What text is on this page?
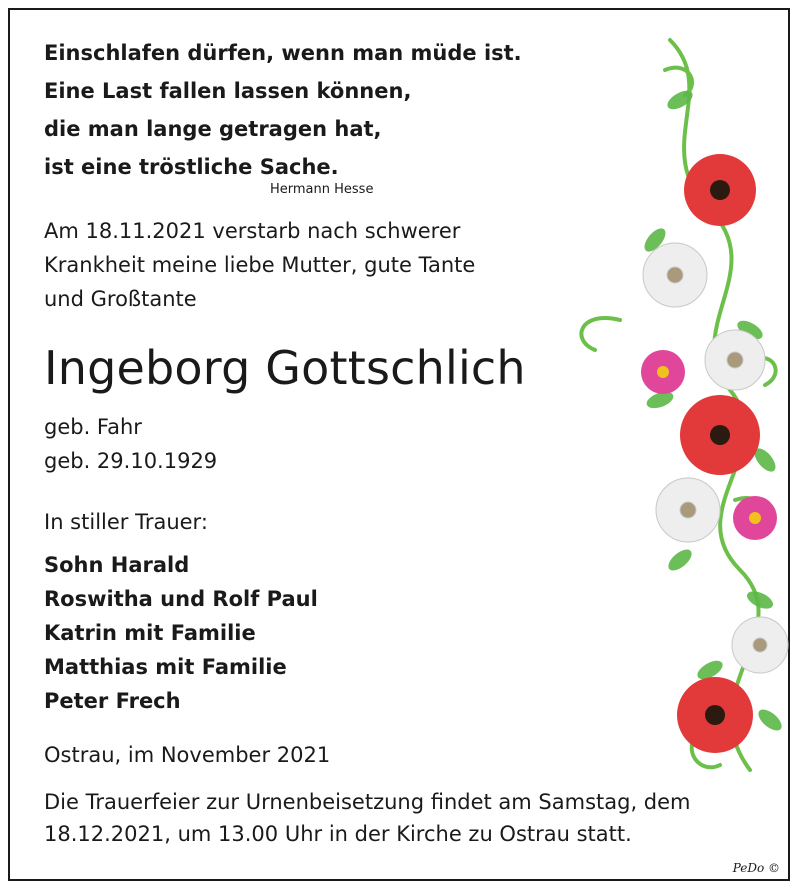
Einschlafen dürfen, wenn man müde ist.
Eine Last fallen lassen können,
die man lange getragen hat,
ist eine tröstliche Sache.
Hermann Hesse
Am 18.11.2021 verstarb nach schwerer
Krankheit meine liebe Mutter, gute Tante
und Großtante
Ingeborg Gottschlich
geb. Fahr
geb. 29.10.1929
In stiller Trauer:
Sohn Harald
Roswitha und Rolf Paul
Katrin mit Familie
Matthias mit Familie
Peter Frech
Ostrau, im November 2021
Die Trauerfeier zur Urnenbeisetzung findet am Samstag, dem 18.12.2021, um 13.00 Uhr in der Kirche zu Ostrau statt.
PeDo ©
